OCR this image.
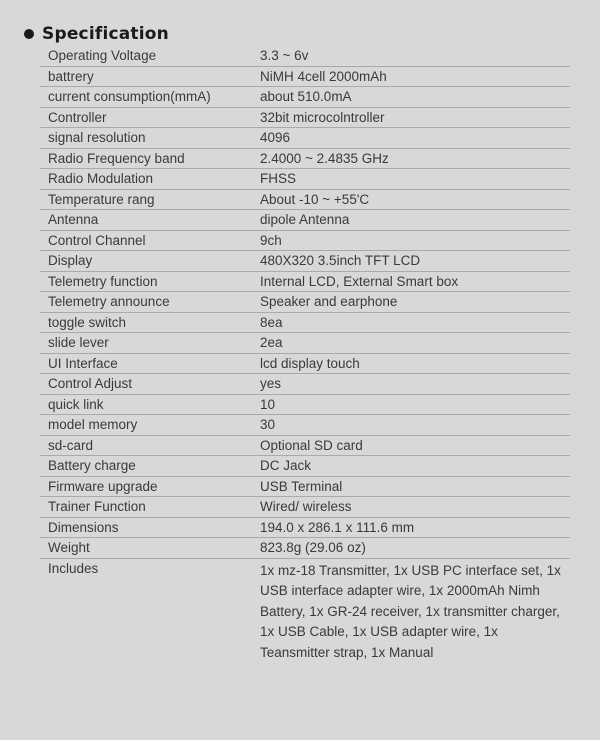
Specification
Operating Voltage	3.3 ~ 6v
battrery	NiMH 4cell 2000mAh
current consumption(mmA)	about 510.0mA
Controller	32bit microcolntroller
signal resolution	4096
Radio Frequency band	2.4000 ~ 2.4835 GHz
Radio Modulation	FHSS
Temperature rang	About -10 ~ +55'C
Antenna	dipole Antenna
Control Channel	9ch
Display	480X320 3.5inch TFT LCD
Telemetry function	Internal LCD, External Smart box
Telemetry announce	Speaker and earphone
toggle switch	8ea
slide lever	2ea
UI Interface	lcd display touch
Control Adjust	yes
quick link	10
model memory	30
sd-card	Optional SD card
Battery charge	DC Jack
Firmware upgrade	USB Terminal
Trainer Function	Wired/ wireless
Dimensions	194.0 x 286.1 x 111.6 mm
Weight	823.8g (29.06 oz)
Includes	1x mz-18 Transmitter, 1x USB PC interface set, 1x USB interface adapter wire, 1x 2000mAh Nimh Battery, 1x GR-24 receiver, 1x transmitter charger, 1x USB Cable, 1x USB adapter wire, 1x Teansmitter strap, 1x Manual
